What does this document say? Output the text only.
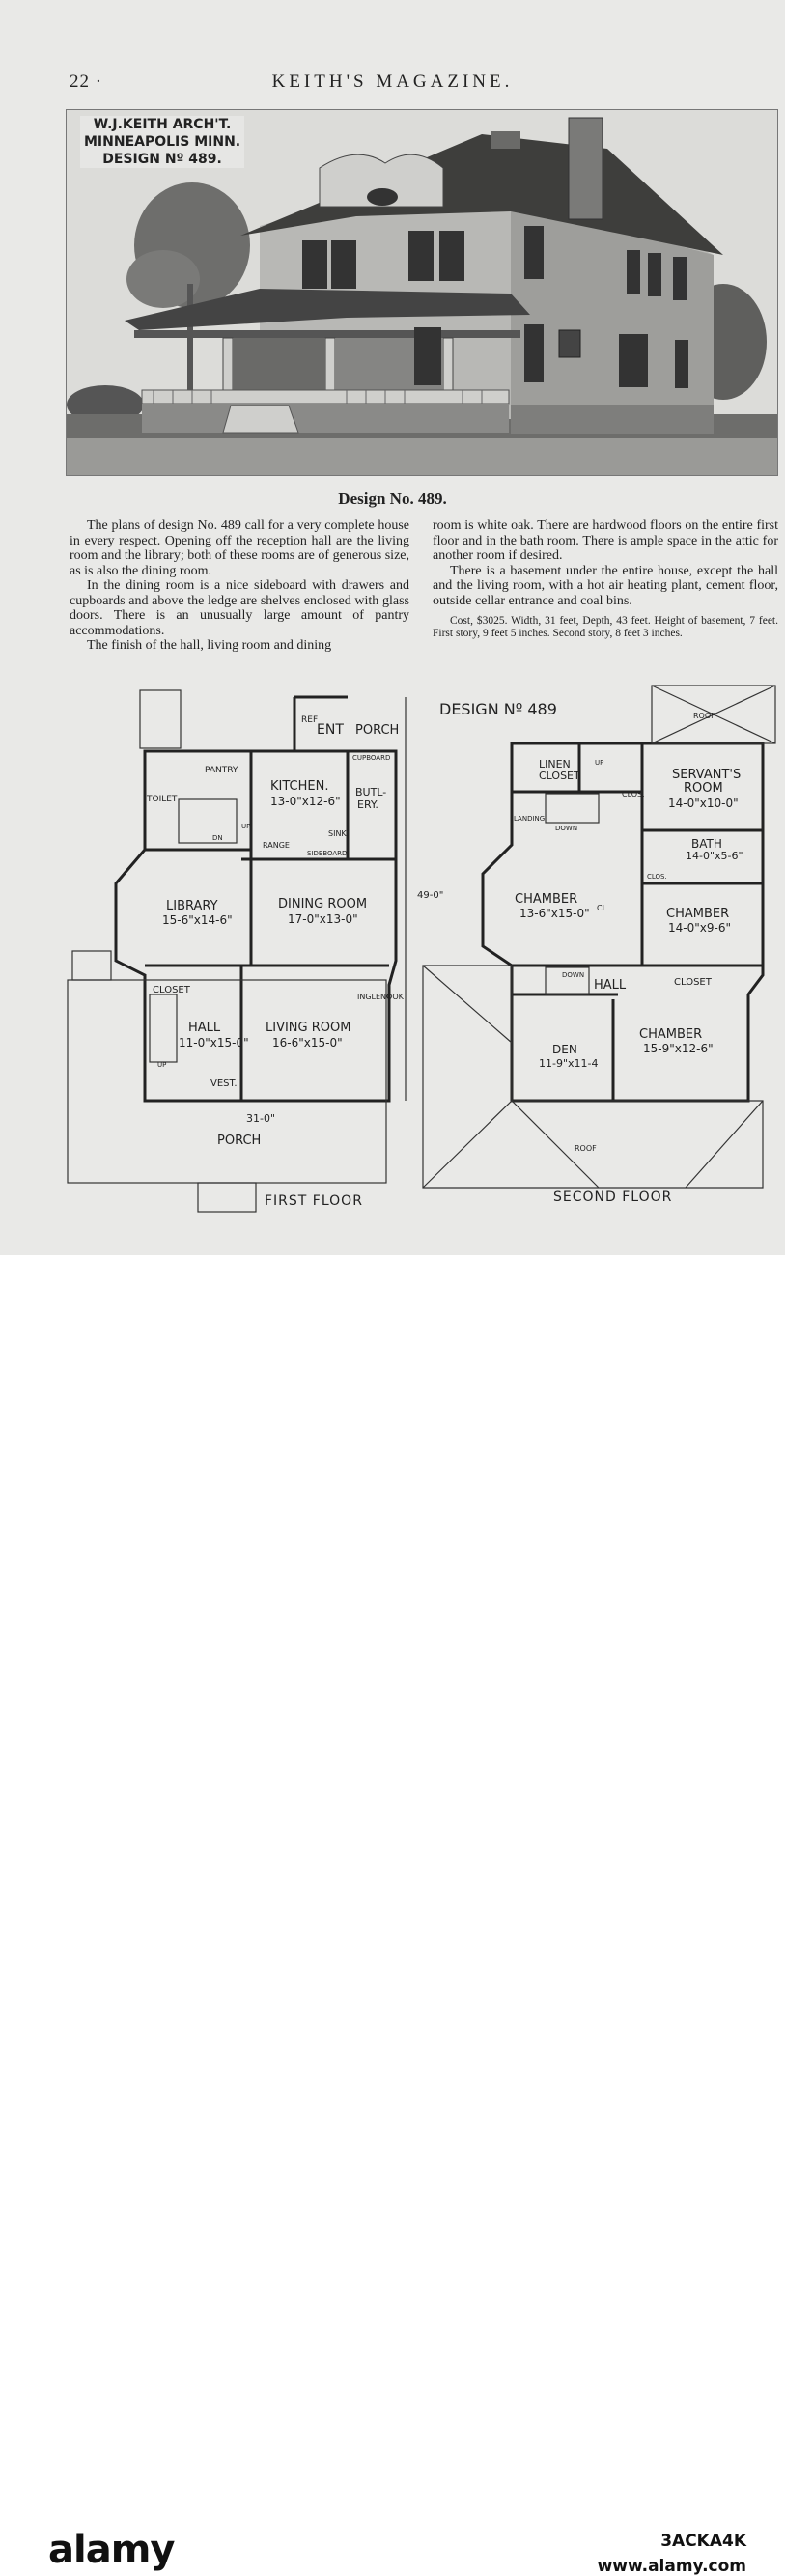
22 ·	KEITH'S MAGAZINE.
W.J.KEITH ARCH'T.
MINNEAPOLIS MINN.
DESIGN Nº 489.
Design No. 489.

The plans of design No. 489 call for a very complete house in every respect. Opening off the reception hall are the living room and the library; both of these rooms are of generous size, as is also the dining room.

In the dining room is a nice sideboard with drawers and cupboards and above the ledge are shelves enclosed with glass doors. There is an unusually large amount of pantry accommodations.

The finish of the hall, living room and dining

room is white oak. There are hardwood floors on the entire first floor and in the bath room. There is ample space in the attic for another room if desired.

There is a basement under the entire house, except the hall and the living room, with a hot air heating plant, cement floor, outside cellar entrance and coal bins.

Cost, $3025. Width, 31 feet, Depth, 43 feet. Height of basement, 7 feet. First story, 9 feet 5 inches. Second story, 8 feet 3 inches.

REF
ENT PORCH
PANTRY
KITCHEN.
13-0"x12-6"
CUPBOARD
BUTL-
ERY.
TOILET
DN
UP
RANGE
SINK
SIDEBOARD
LIBRARY
15-6"x14-6"
DINING ROOM
17-0"x13-0"
CLOSET
INGLENOOK
HALL
11-0"x15-0"
LIVING ROOM
16-6"x15-0"
VEST.
UP
31-0"
49-0"
PORCH
DESIGN Nº 489	ROOF
LINEN
CLOSET
UP
SERVANT'S
ROOM
14-0"x10-0"
CLOS.
LANDING
DOWN
BATH
14-0"x5-6"
CHAMBER
13-6"x15-0" CL.
CLOS.
CHAMBER
14-0"x9-6"
DOWN
HALL	CLOSET
DEN
11-9"x11-4
CHAMBER
15-9"x12-6"
ROOF
FIRST FLOOR	SECOND FLOOR
alamy	3ACKA4K
www.alamy.com
